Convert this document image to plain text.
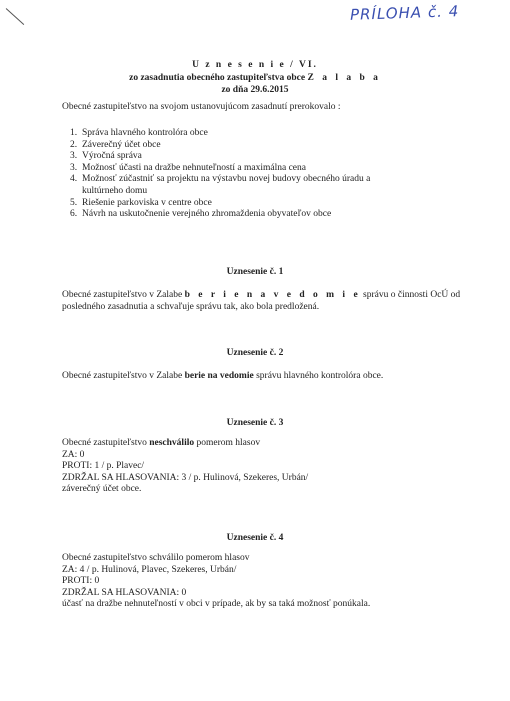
PRÍLOHA č. 4
U z n e s e n i e / VI.
zo zasadnutia obecného zastupiteľstva obce Z a l a b a
zo dňa 29.6.2015
Obecné zastupiteľstvo na svojom ustanovujúcom zasadnutí prerokovalo :
1. Správa hlavného kontrolóra obce
2. Záverečný účet obce
3. Výročná správa
3. Možnosť účasti na dražbe nehnuteľností a maximálna cena
4. Možnosť zúčastniť sa projektu na výstavbu novej budovy obecného úradu a kultúrneho domu
5. Riešenie parkoviska v centre obce
6. Návrh na uskutočnenie verejného zhromaždenia obyvateľov obce
Uznesenie č. 1
Obecné zastupiteľstvo v Zalabe b e r i e n a v e d o m i e správu o činnosti OcÚ od
posledného zasadnutia a schvaľuje správu tak, ako bola predložená.
Uznesenie č. 2
Obecné zastupiteľstvo v Zalabe berie na vedomie správu hlavného kontrolóra obce.
Uznesenie č. 3
Obecné zastupiteľstvo neschválilo pomerom hlasov
ZA: 0
PROTI: 1 / p. Plavec/
ZDRŽAL SA HLASOVANIA: 3 / p. Hulinová, Szekeres, Urbán/
záverečný účet obce.
Uznesenie č. 4
Obecné zastupiteľstvo schválilo pomerom hlasov
ZA: 4 / p. Hulinová, Plavec, Szekeres, Urbán/
PROTI: 0
ZDRŽAL SA HLASOVANIA: 0
účasť na dražbe nehnuteľností v obci v prípade, ak by sa taká možnosť ponúkala.
